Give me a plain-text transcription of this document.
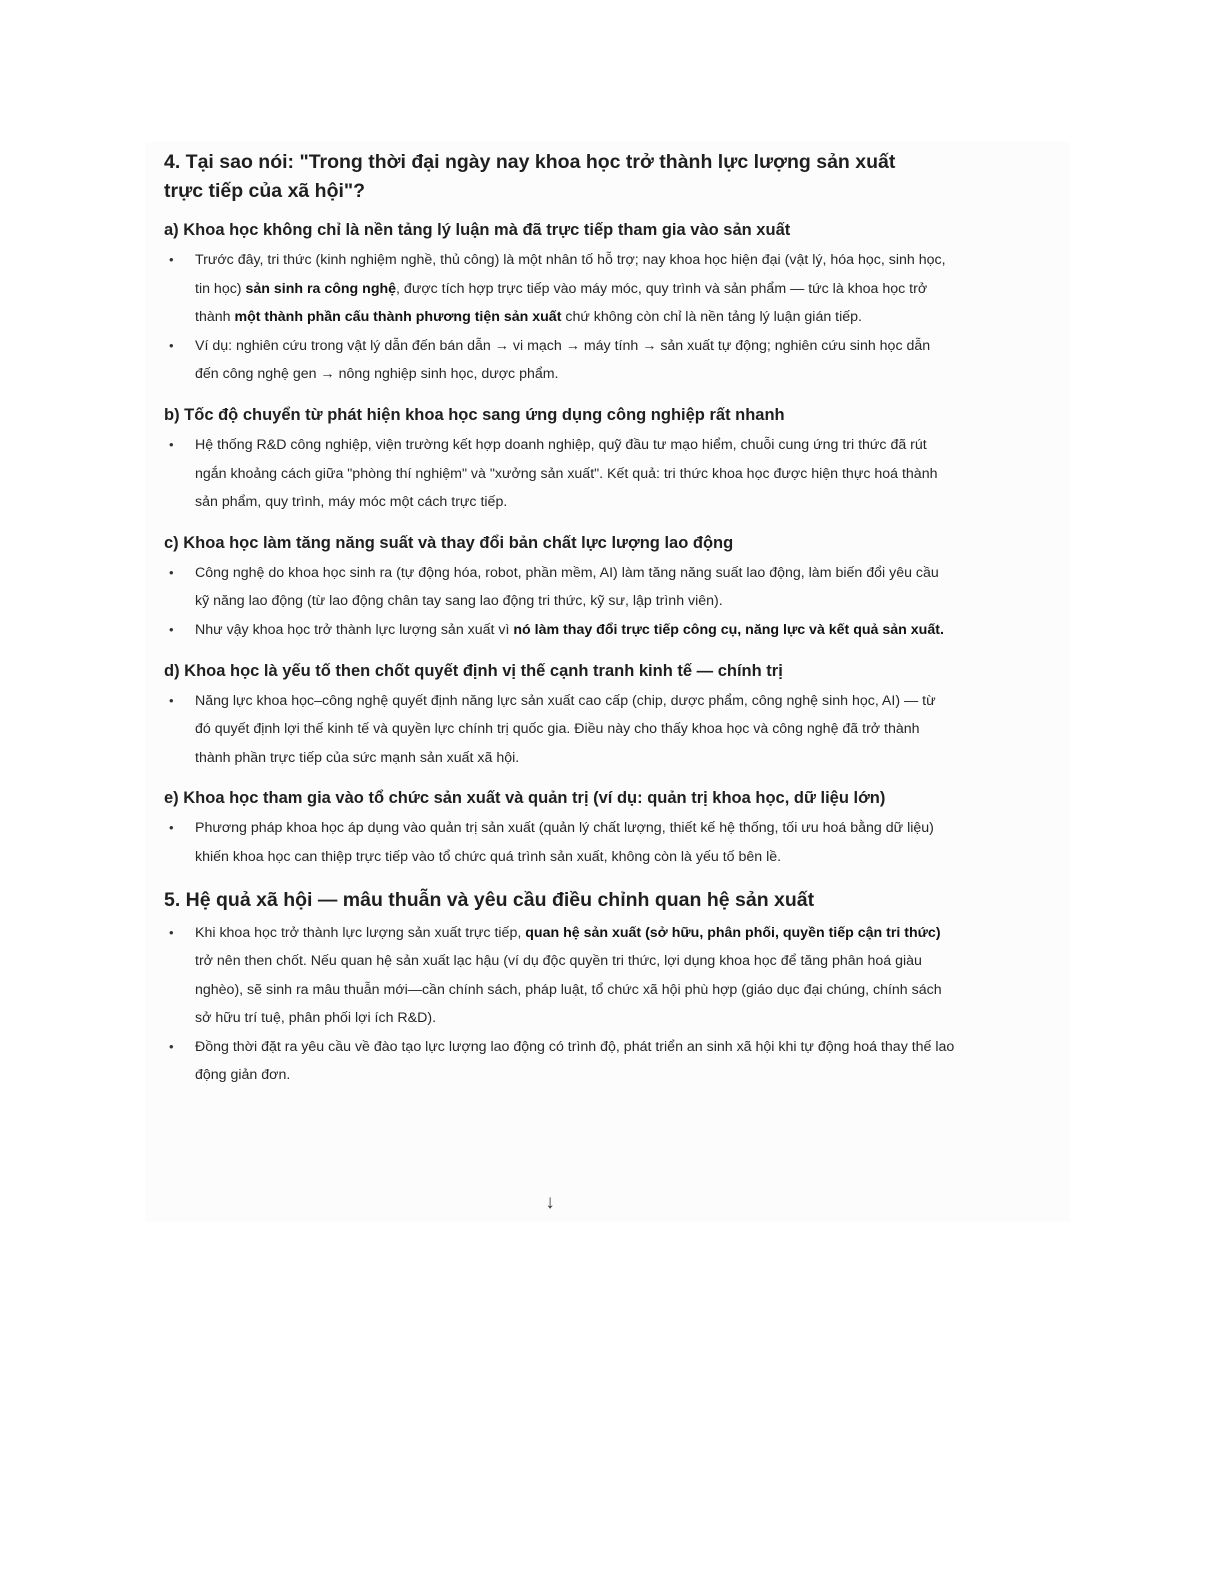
4. Tại sao nói: "Trong thời đại ngày nay khoa học trở thành lực lượng sản xuất trực tiếp của xã hội"?
a) Khoa học không chỉ là nền tảng lý luận mà đã trực tiếp tham gia vào sản xuất
• Trước đây, tri thức (kinh nghiệm nghề, thủ công) là một nhân tố hỗ trợ; nay khoa học hiện đại (vật lý, hóa học, sinh học, tin học) sản sinh ra công nghệ, được tích hợp trực tiếp vào máy móc, quy trình và sản phẩm — tức là khoa học trở thành một thành phần cấu thành phương tiện sản xuất chứ không còn chỉ là nền tảng lý luận gián tiếp.
• Ví dụ: nghiên cứu trong vật lý dẫn đến bán dẫn → vi mạch → máy tính → sản xuất tự động; nghiên cứu sinh học dẫn đến công nghệ gen → nông nghiệp sinh học, dược phẩm.
b) Tốc độ chuyển từ phát hiện khoa học sang ứng dụng công nghiệp rất nhanh
• Hệ thống R&D công nghiệp, viện trường kết hợp doanh nghiệp, quỹ đầu tư mạo hiểm, chuỗi cung ứng tri thức đã rút ngắn khoảng cách giữa "phòng thí nghiệm" và "xưởng sản xuất". Kết quả: tri thức khoa học được hiện thực hoá thành sản phẩm, quy trình, máy móc một cách trực tiếp.
c) Khoa học làm tăng năng suất và thay đổi bản chất lực lượng lao động
• Công nghệ do khoa học sinh ra (tự động hóa, robot, phần mềm, AI) làm tăng năng suất lao động, làm biến đổi yêu cầu kỹ năng lao động (từ lao động chân tay sang lao động tri thức, kỹ sư, lập trình viên).
• Như vậy khoa học trở thành lực lượng sản xuất vì nó làm thay đổi trực tiếp công cụ, năng lực và kết quả sản xuất.
d) Khoa học là yếu tố then chốt quyết định vị thế cạnh tranh kinh tế — chính trị
• Năng lực khoa học–công nghệ quyết định năng lực sản xuất cao cấp (chip, dược phẩm, công nghệ sinh học, AI) — từ đó quyết định lợi thế kinh tế và quyền lực chính trị quốc gia. Điều này cho thấy khoa học và công nghệ đã trở thành thành phần trực tiếp của sức mạnh sản xuất xã hội.
e) Khoa học tham gia vào tổ chức sản xuất và quản trị (ví dụ: quản trị khoa học, dữ liệu lớn)
• Phương pháp khoa học áp dụng vào quản trị sản xuất (quản lý chất lượng, thiết kế hệ thống, tối ưu hoá bằng dữ liệu) khiến khoa học can thiệp trực tiếp vào tổ chức quá trình sản xuất, không còn là yếu tố bên lề.
5. Hệ quả xã hội — mâu thuẫn và yêu cầu điều chỉnh quan hệ sản xuất
• Khi khoa học trở thành lực lượng sản xuất trực tiếp, quan hệ sản xuất (sở hữu, phân phối, quyền tiếp cận tri thức) trở nên then chốt. Nếu quan hệ sản xuất lạc hậu (ví dụ độc quyền tri thức, lợi dụng khoa học để tăng phân hoá giàu nghèo), sẽ sinh ra mâu thuẫn mới—cần chính sách, pháp luật, tổ chức xã hội phù hợp (giáo dục đại chúng, chính sách sở hữu trí tuệ, phân phối lợi ích R&D).
• Đồng thời đặt ra yêu cầu về đào tạo lực lượng lao động có trình độ, phát triển an sinh xã hội khi tự động hoá thay thế lao động giản đơn.
↓
